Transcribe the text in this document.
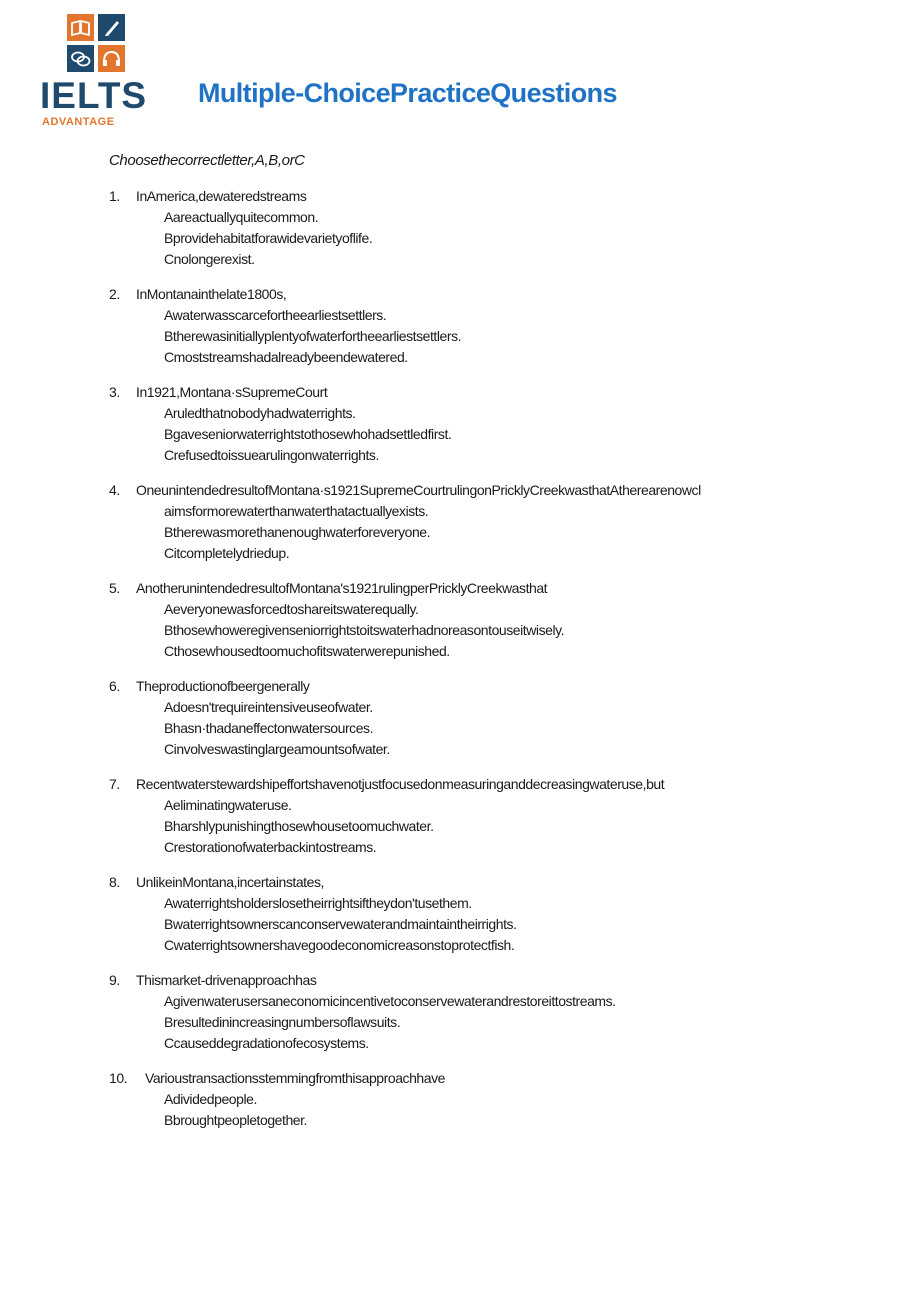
IELTS
ADVANTAGE
Multiple-ChoicePracticeQuestions
Choosethecorrectletter,A,B,orC
1. InAmerica,dewateredstreams
Aareactuallyquitecommon.
Bprovidehabitatforawidevarietyoflife.
Cnolongerexist.
2. InMontanainthelate1800s,
Awaterwasscarcefortheearliestsettlers.
Btherewasinitiallyplentyofwaterfortheearliestsettlers.
Cmoststreamshadalreadybeendewatered.
3. In1921,Montana·sSupremeCourt
Aruledthatnobodyhadwaterrights.
Bgaveseniorwaterrightstothosewhohadsettledfirst.
Crefusedtoissuearulingonwaterrights.
4. OneunintendedresultofMontana·s1921SupremeCourtrulingonPricklyCreekwasthatAtherearenowcl
aimsformorewaterthanwaterthatactuallyexists.
Btherewasmorethanenoughwaterforeveryone.
Citcompletelydriedup.
5. AnotherunintendedresultofMontana's1921rulingperPricklyCreekwasthat
Aeveryonewasforcedtoshareitswaterequally.
Bthosewhoweregivenseniorrightstoitswaterhadnoreasontouseitwisely.
Cthosewhousedtoomuchofitswaterwerepunished.
6. Theproductionofbeergenerally
Adoesn'trequireintensiveuseofwater.
Bhasn·thadaneffectonwatersources.
Cinvolveswastinglargeamountsofwater.
7. Recentwaterstewardshipeffortshavenotjustfocusedonmeasuringanddecreasingwateruse,but
Aeliminatingwateruse.
Bharshlypunishingthosewhousetoomuchwater.
Crestorationofwaterbackintostreams.
8. UnlikeinMontana,incertainstates,
Awaterrightsholderslosetheirrightsiftheydon'tusethem.
Bwaterrightsownerscanconservewaterandmaintaintheirrights.
Cwaterrightsownershavegoodeconomicreasonstoprotectfish.
9. Thismarket-drivenapproachhas
Agivenwaterusersaneconomicincentivetoconservewaterandrestoreittostreams.
Bresultedinincreasingnumbersoflawsuits.
Ccauseddegradationofecosystems.
10. Varioustransactionsstemmingfromthisapproachhave
Adividedpeople.
Bbroughtpeopletogether.
